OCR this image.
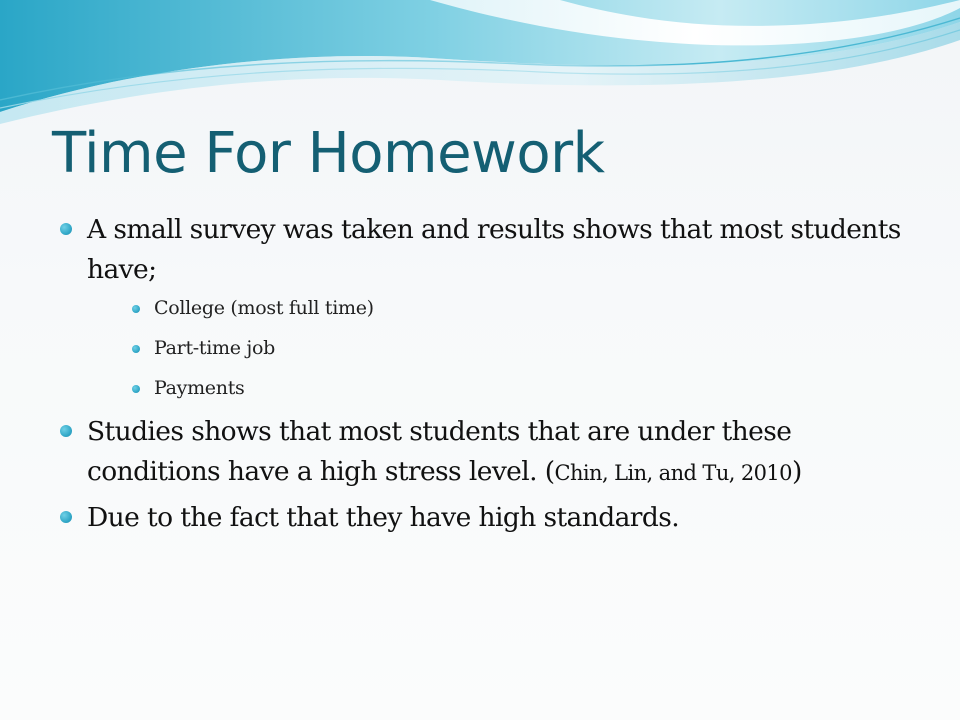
Time For Homework
A small survey was taken and results shows that most students have;
College (most full time)
Part-time job
Payments
Studies shows that most students that are under these conditions have a high stress level. (Chin, Lin, and Tu, 2010)
Due to the fact that they have high standards.
